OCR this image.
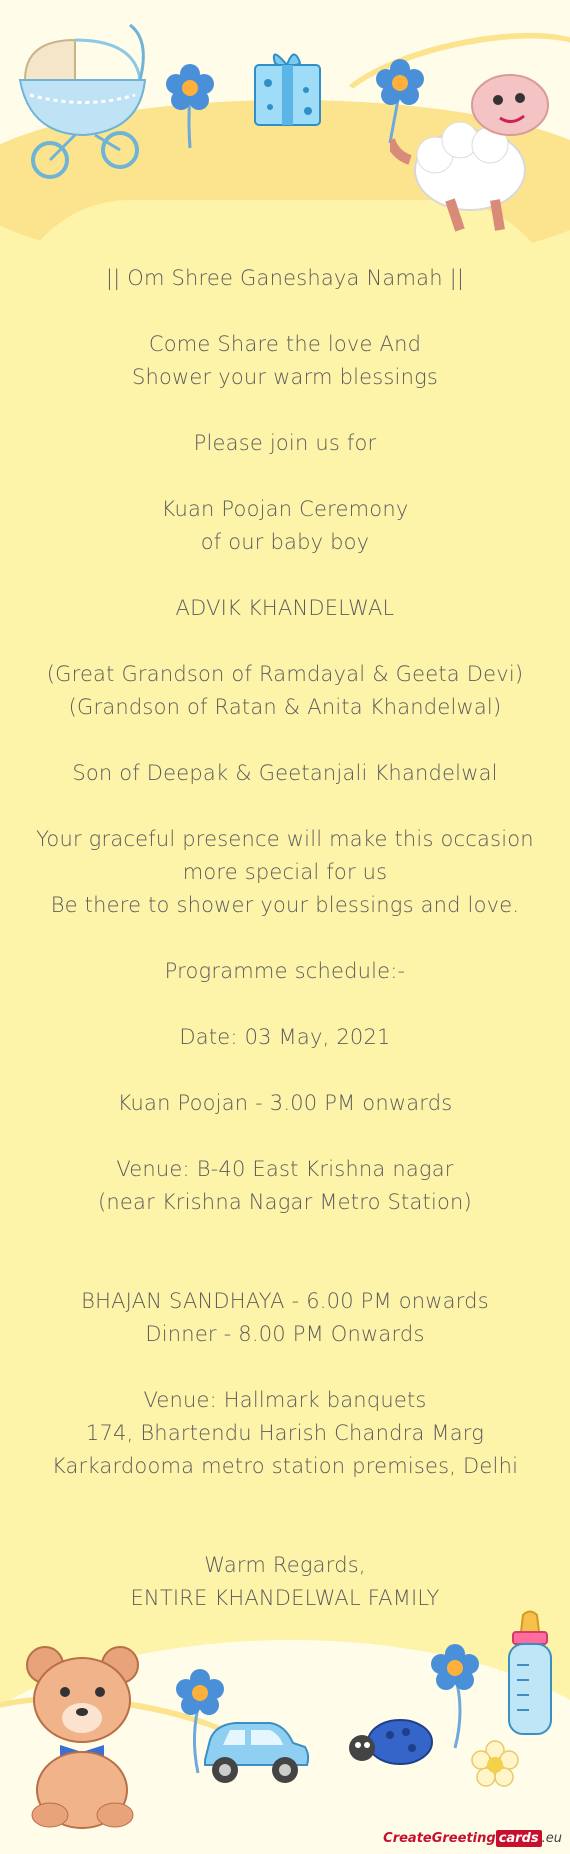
|| Om Shree Ganeshaya Namah ||

Come Share the love And

Shower your warm blessings

Please join us for

Kuan Poojan Ceremony

of our baby boy

ADVIK KHANDELWAL

(Great Grandson of Ramdayal & Geeta Devi)

(Grandson of Ratan & Anita Khandelwal)

Son of Deepak & Geetanjali Khandelwal

Your graceful presence will make this occasion

more special for us

Be there to shower your blessings and love.

Programme schedule:-

Date: 03 May, 2021

Kuan Poojan - 3.00 PM onwards

Venue: B-40 East Krishna nagar

(near Krishna Nagar Metro Station)

BHAJAN SANDHAYA - 6.00 PM onwards

Dinner - 8.00 PM Onwards

Venue: Hallmark banquets

174, Bhartendu Harish Chandra Marg

Karkardooma metro station premises, Delhi

Warm Regards,

ENTIRE KHANDELWAL FAMILY

CreateGreeting cards .eu
